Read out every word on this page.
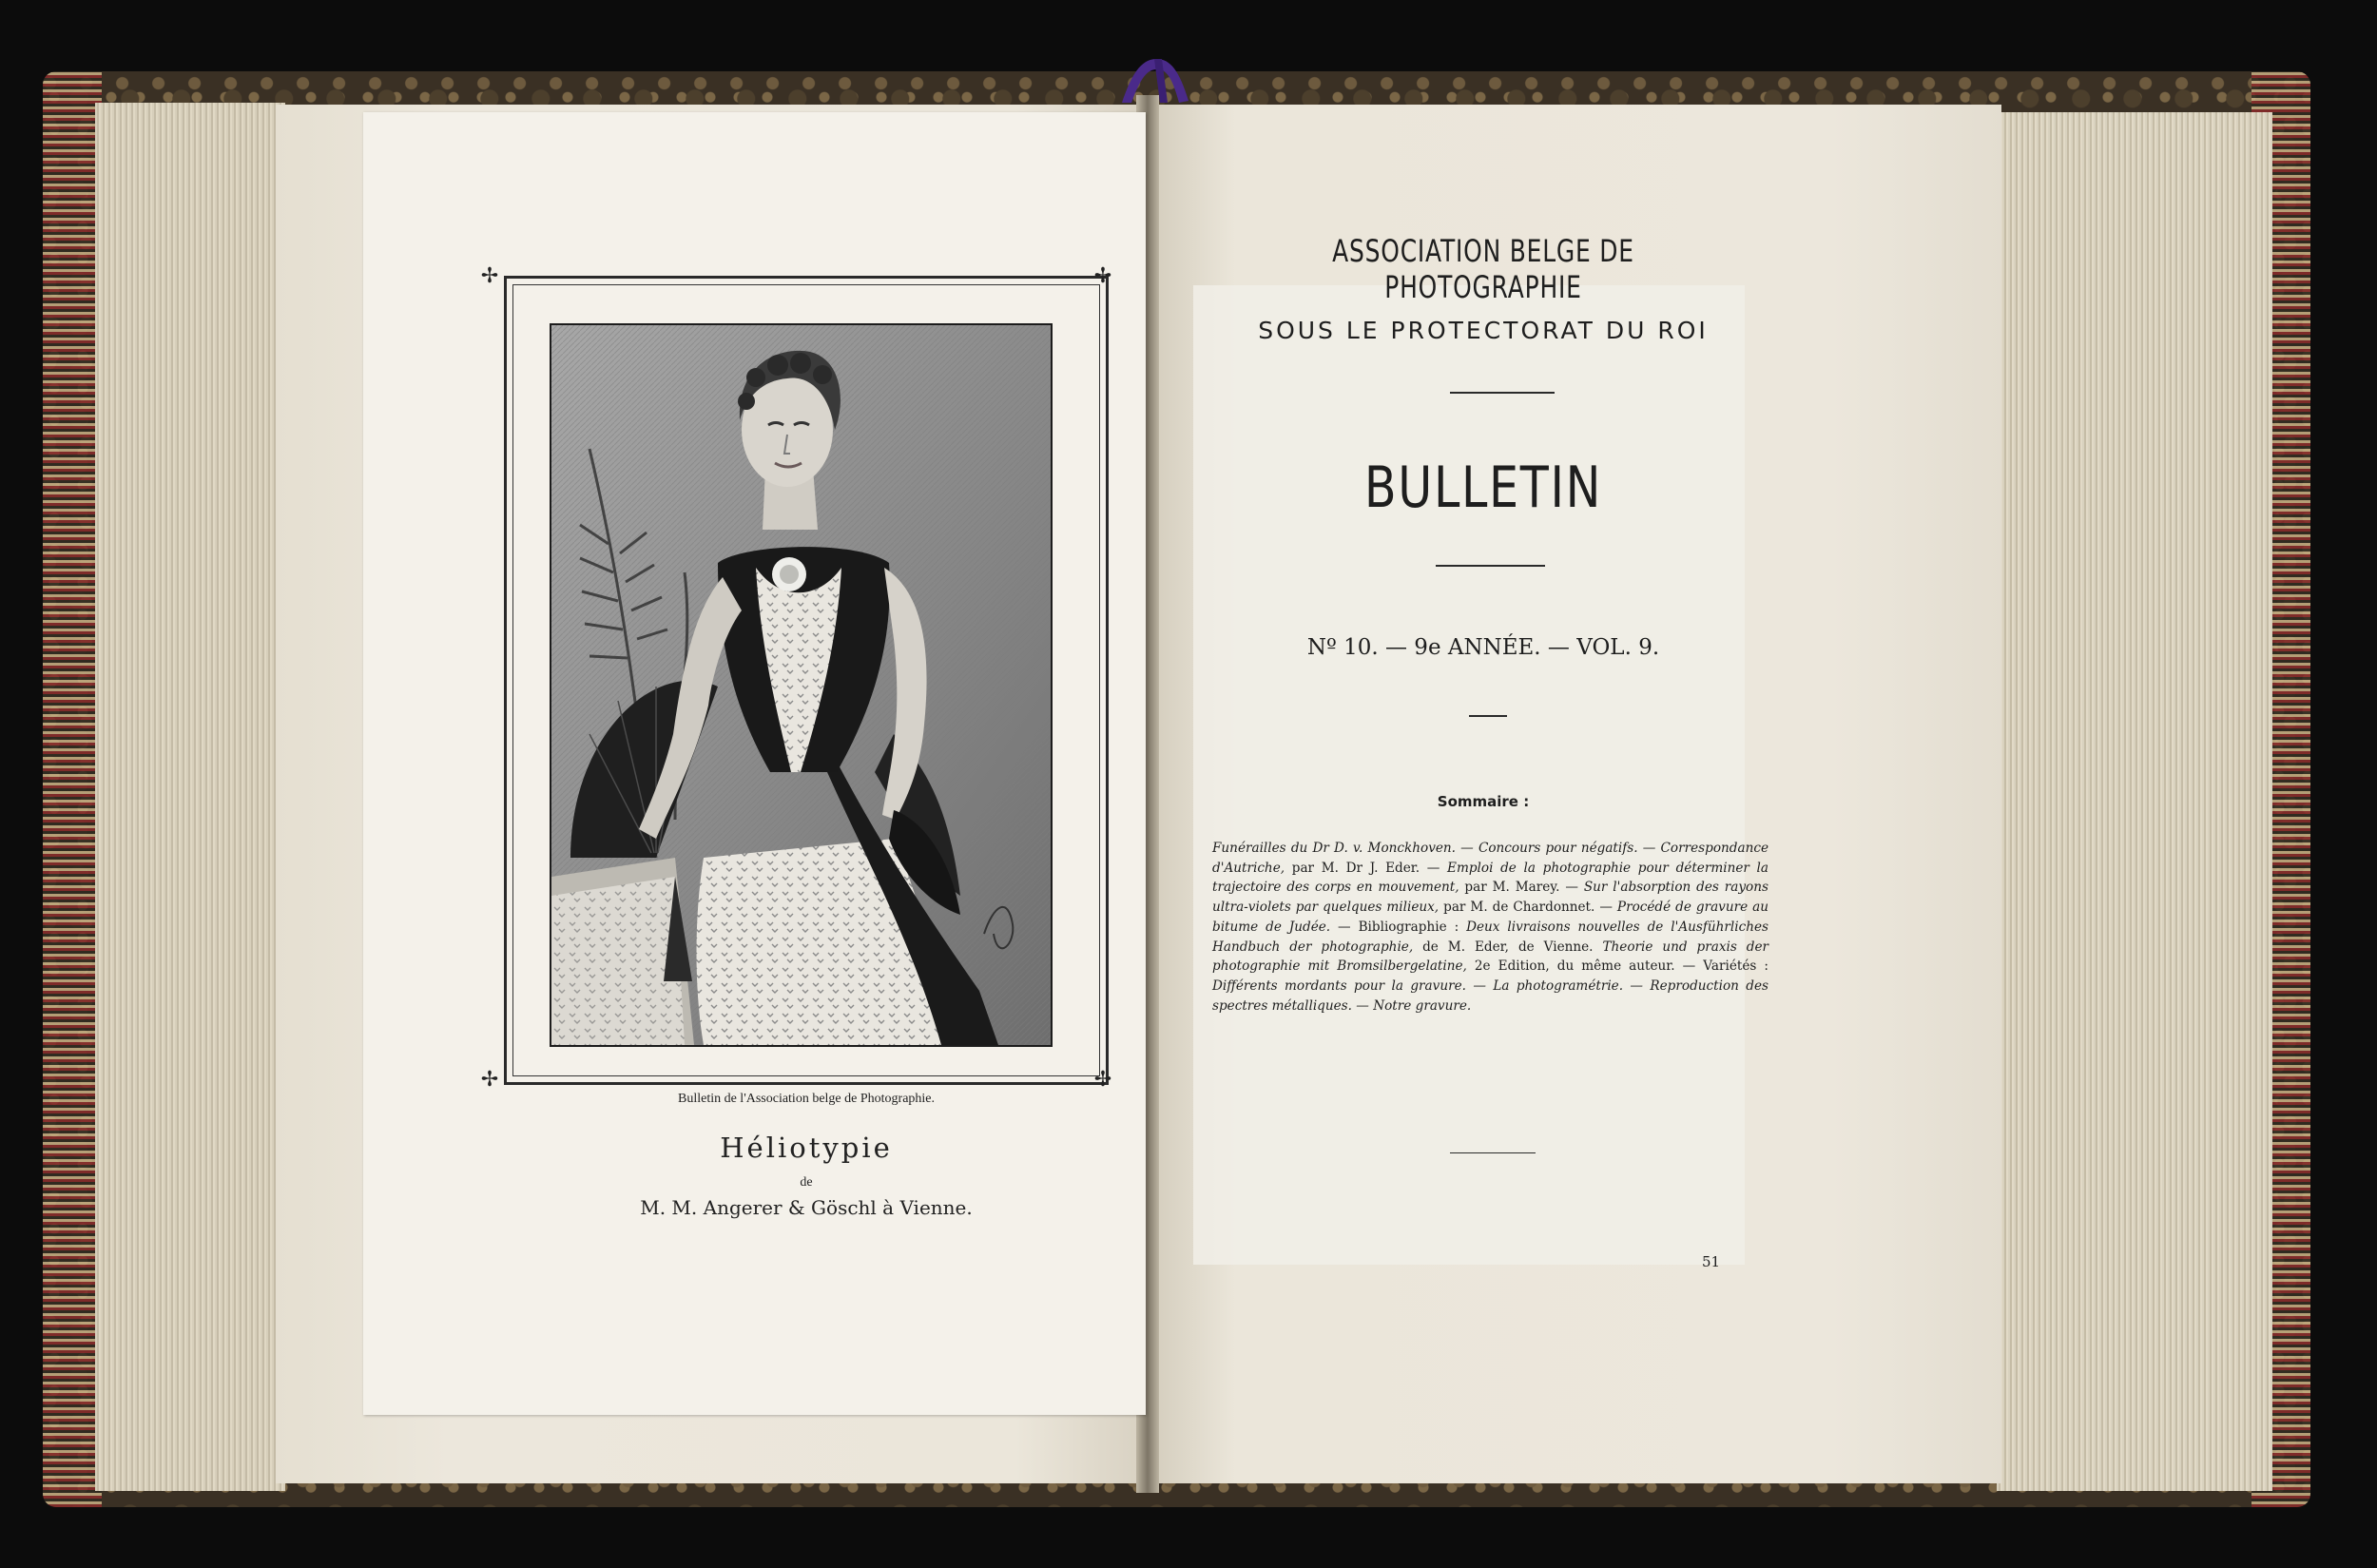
✢	✢
✢	✢
Bulletin de l'Association belge de Photographie.
Héliotypie
de
M. M. Angerer & Göschl à Vienne.
ASSOCIATION BELGE DE PHOTOGRAPHIE
SOUS LE PROTECTORAT DU ROI
BULLETIN
Nº 10. — 9e ANNÉE. — VOL. 9.
Sommaire :
Funérailles du Dr D. v. Monckhoven. — Concours pour négatifs. — Correspondance d'Autriche, par M. Dr J. Eder. — Emploi de la photographie pour déterminer la trajectoire des corps en mouvement, par M. Marey. — Sur l'absorption des rayons ultra-violets par quelques milieux, par M. de Chardonnet. — Procédé de gravure au bitume de Judée. — Bibliographie : Deux livraisons nouvelles de l'Ausführliches Handbuch der photographie, de M. Eder, de Vienne. Theorie und praxis der photographie mit Bromsilbergelatine, 2e Edition, du même auteur. — Variétés : Différents mordants pour la gravure. — La photogramétrie. — Reproduction des spectres métalliques. — Notre gravure.
51
